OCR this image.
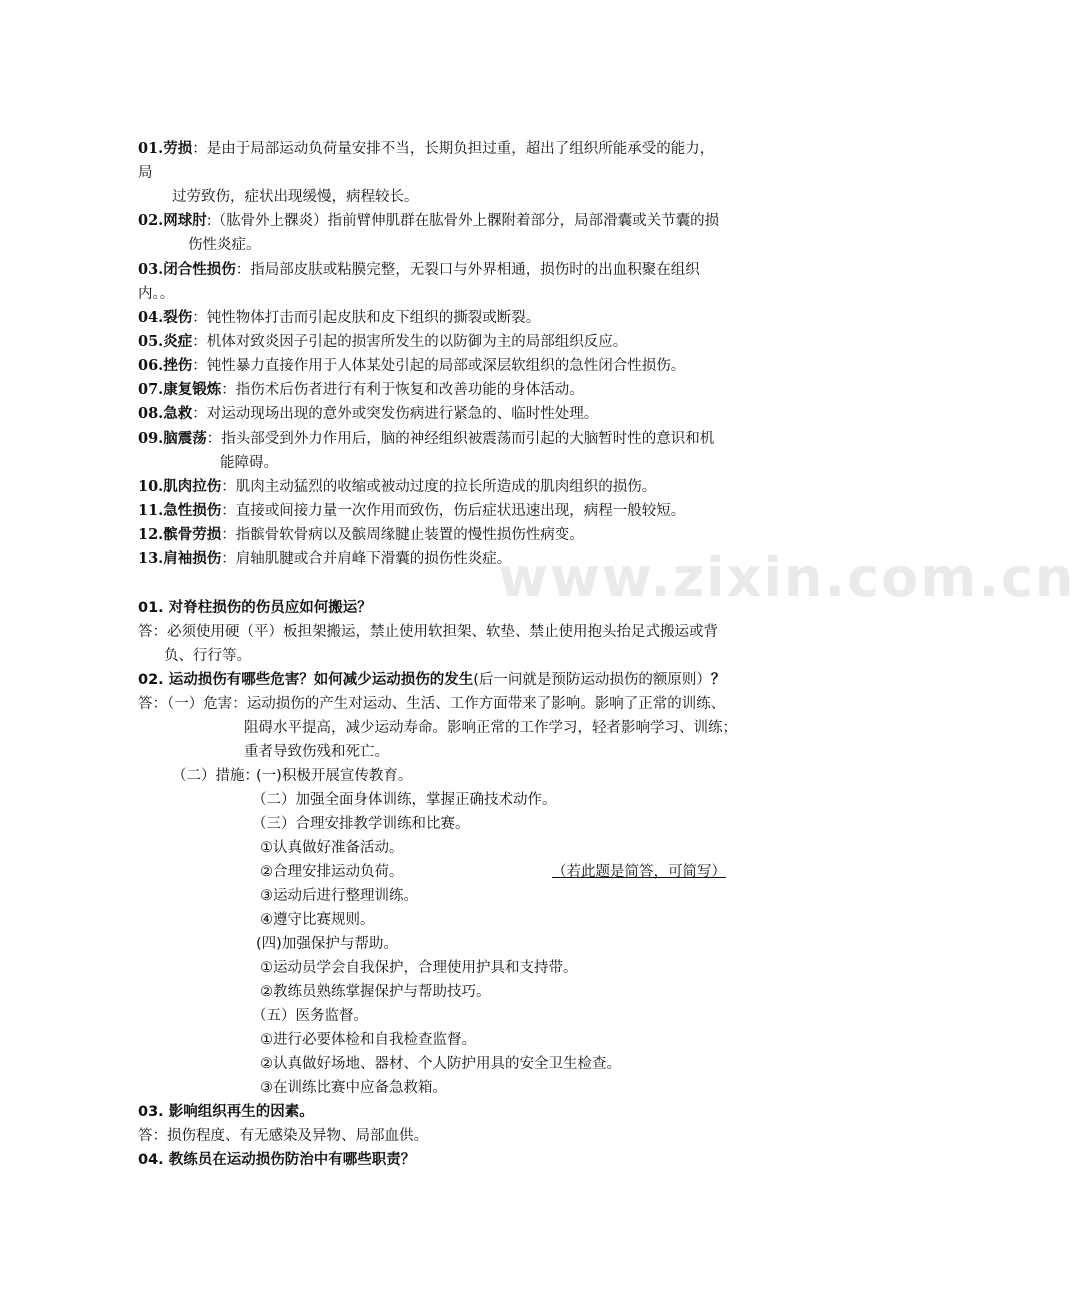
www.zixin.com.cn
01.劳损：是由于局部运动负荷量安排不当，长期负担过重，超出了组织所能承受的能力，
局
过劳致伤，症状出现缓慢，病程较长。
02.网球肘:（肱骨外上髁炎）指前臂伸肌群在肱骨外上髁附着部分，局部滑囊或关节囊的损
伤性炎症。
03.闭合性损伤：指局部皮肤或粘膜完整，无裂口与外界相通，损伤时的出血积聚在组织
内。。
04.裂伤：钝性物体打击而引起皮肤和皮下组织的撕裂或断裂。
05.炎症：机体对致炎因子引起的损害所发生的以防御为主的局部组织反应。
06.挫伤：钝性暴力直接作用于人体某处引起的局部或深层软组织的急性闭合性损伤。
07.康复锻炼：指伤术后伤者进行有利于恢复和改善功能的身体活动。
08.急救：对运动现场出现的意外或突发伤病进行紧急的、临时性处理。
09.脑震荡：指头部受到外力作用后，脑的神经组织被震荡而引起的大脑暂时性的意识和机
能障碍。
10.肌肉拉伤：肌肉主动猛烈的收缩或被动过度的拉长所造成的肌肉组织的损伤。
11.急性损伤：直接或间接力量一次作用而致伤，伤后症状迅速出现，病程一般较短。
12.髌骨劳损：指髌骨软骨病以及髌周缘腱止装置的慢性损伤性病变。
13.肩袖损伤：肩轴肌腱或合并肩峰下滑囊的损伤性炎症。
01. 对脊柱损伤的伤员应如何搬运？
答：必须使用硬（平）板担架搬运，禁止使用软担架、软垫、禁止使用抱头抬足式搬运或背
负、行行等。
02. 运动损伤有哪些危害？如何减少运动损伤的发生(后一问就是预防运动损伤的额原则）？
答：（一）危害：运动损伤的产生对运动、生活、工作方面带来了影响。影响了正常的训练、
阻碍水平提高，减少运动寿命。影响正常的工作学习，轻者影响学习、训练；
重者导致伤残和死亡。
（二）措施：
(一)积极开展宣传教育。
（二）加强全面身体训练，掌握正确技术动作。
（三）合理安排教学训练和比赛。
①认真做好准备活动。
②合理安排运动负荷。	（若此题是简答，可简写）
③运动后进行整理训练。
④遵守比赛规则。
(四)加强保护与帮助。
①运动员学会自我保护，合理使用护具和支持带。
②教练员熟练掌握保护与帮助技巧。
（五）医务监督。
①进行必要体检和自我检查监督。
②认真做好场地、器材、个人防护用具的安全卫生检查。
③在训练比赛中应备急救箱。
03. 影响组织再生的因素。
答：损伤程度、有无感染及异物、局部血供。
04. 教练员在运动损伤防治中有哪些职责？
